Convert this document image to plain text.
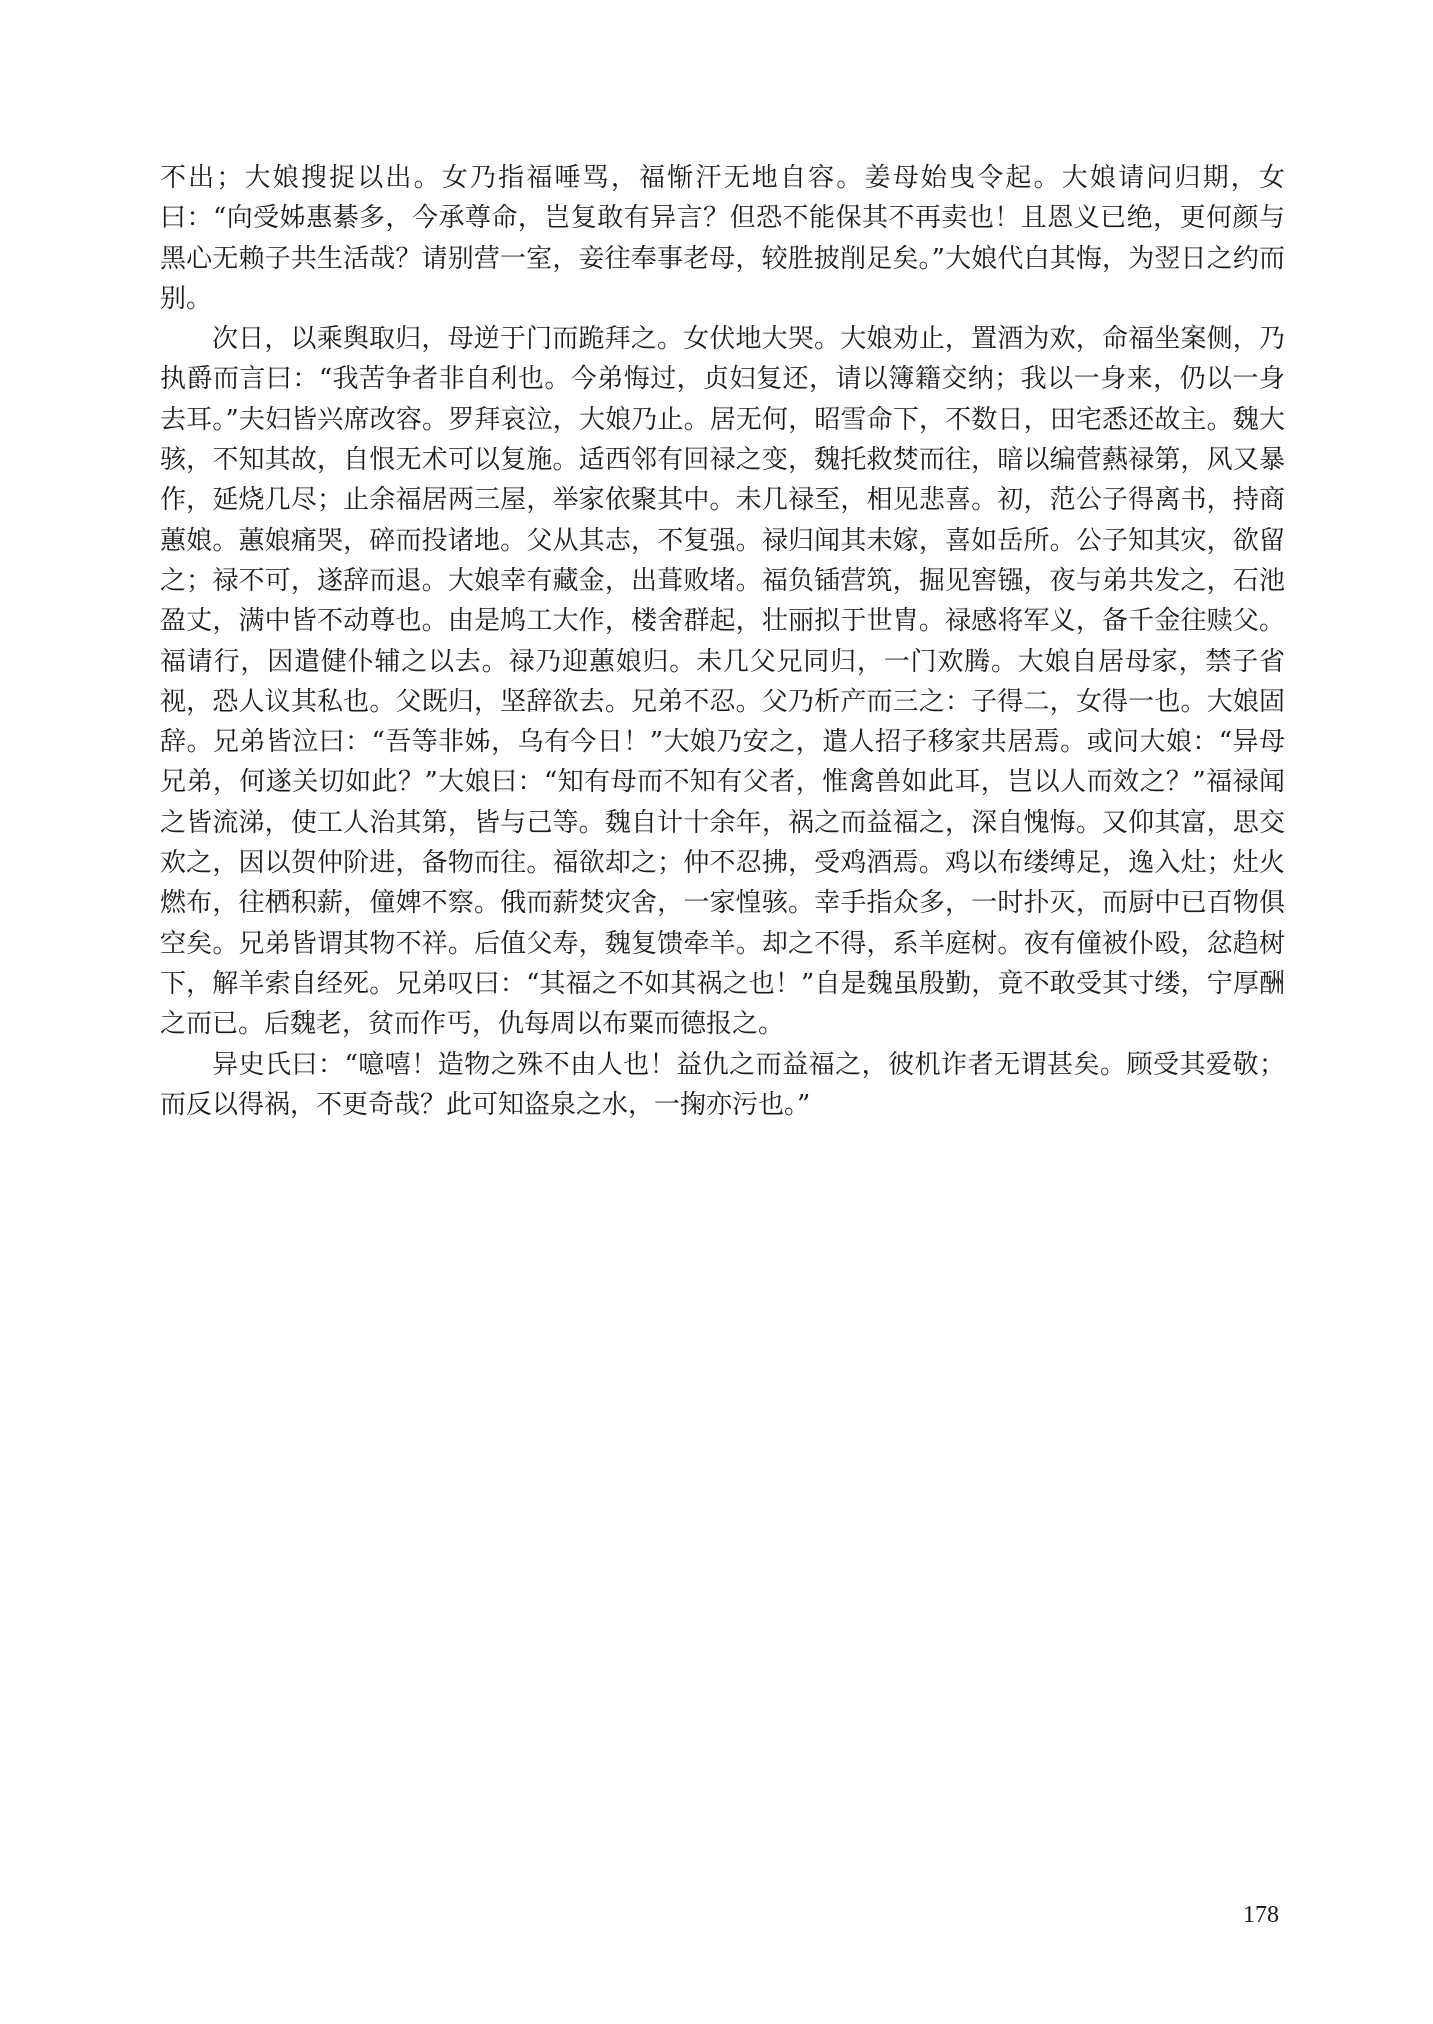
不出；大娘搜捉以出。女乃指福唾骂，福惭汗无地自容。姜母始曳令起。大娘请问归期，女曰：“向受姊惠綦多，今承尊命，岂复敢有异言？但恐不能保其不再卖也！且恩义已绝，更何颜与黑心无赖子共生活哉？请别营一室，妾往奉事老母，较胜披削足矣。”大娘代白其悔，为翌日之约而别。

次日，以乘舆取归，母逆于门而跪拜之。女伏地大哭。大娘劝止，置酒为欢，命福坐案侧，乃执爵而言曰：“我苦争者非自利也。今弟悔过，贞妇复还，请以簿籍交纳；我以一身来，仍以一身去耳。”夫妇皆兴席改容。罗拜哀泣，大娘乃止。居无何，昭雪命下，不数日，田宅悉还故主。魏大骇，不知其故，自恨无术可以复施。适西邻有回禄之变，魏托救焚而往，暗以编菅爇禄第，风又暴作，延烧几尽；止余福居两三屋，举家依聚其中。未几禄至，相见悲喜。初，范公子得离书，持商蕙娘。蕙娘痛哭，碎而投诸地。父从其志，不复强。禄归闻其未嫁，喜如岳所。公子知其灾，欲留之；禄不可，遂辞而退。大娘幸有藏金，出葺败堵。福负锸营筑，掘见窖镪，夜与弟共发之，石池盈丈，满中皆不动尊也。由是鸠工大作，楼舍群起，壮丽拟于世胄。禄感将军义，备千金往赎父。福请行，因遣健仆辅之以去。禄乃迎蕙娘归。未几父兄同归，一门欢腾。大娘自居母家，禁子省视，恐人议其私也。父既归，坚辞欲去。兄弟不忍。父乃析产而三之：子得二，女得一也。大娘固辞。兄弟皆泣曰：“吾等非姊，乌有今日！”大娘乃安之，遣人招子移家共居焉。或问大娘：“异母兄弟，何遂关切如此？”大娘曰：“知有母而不知有父者，惟禽兽如此耳，岂以人而效之？”福禄闻之皆流涕，使工人治其第，皆与己等。魏自计十余年，祸之而益福之，深自愧悔。又仰其富，思交欢之，因以贺仲阶进，备物而往。福欲却之；仲不忍拂，受鸡酒焉。鸡以布缕缚足，逸入灶；灶火燃布，往栖积薪，僮婢不察。俄而薪焚灾舍，一家惶骇。幸手指众多，一时扑灭，而厨中已百物俱空矣。兄弟皆谓其物不祥。后值父寿，魏复馈牵羊。却之不得，系羊庭树。夜有僮被仆殴，忿趋树下，解羊索自经死。兄弟叹曰：“其福之不如其祸之也！”自是魏虽殷勤，竟不敢受其寸缕，宁厚酬之而已。后魏老，贫而作丐，仇每周以布粟而德报之。

异史氏曰：“噫嘻！造物之殊不由人也！益仇之而益福之，彼机诈者无谓甚矣。顾受其爱敬；而反以得祸，不更奇哉？此可知盗泉之水，一掬亦污也。”

178
